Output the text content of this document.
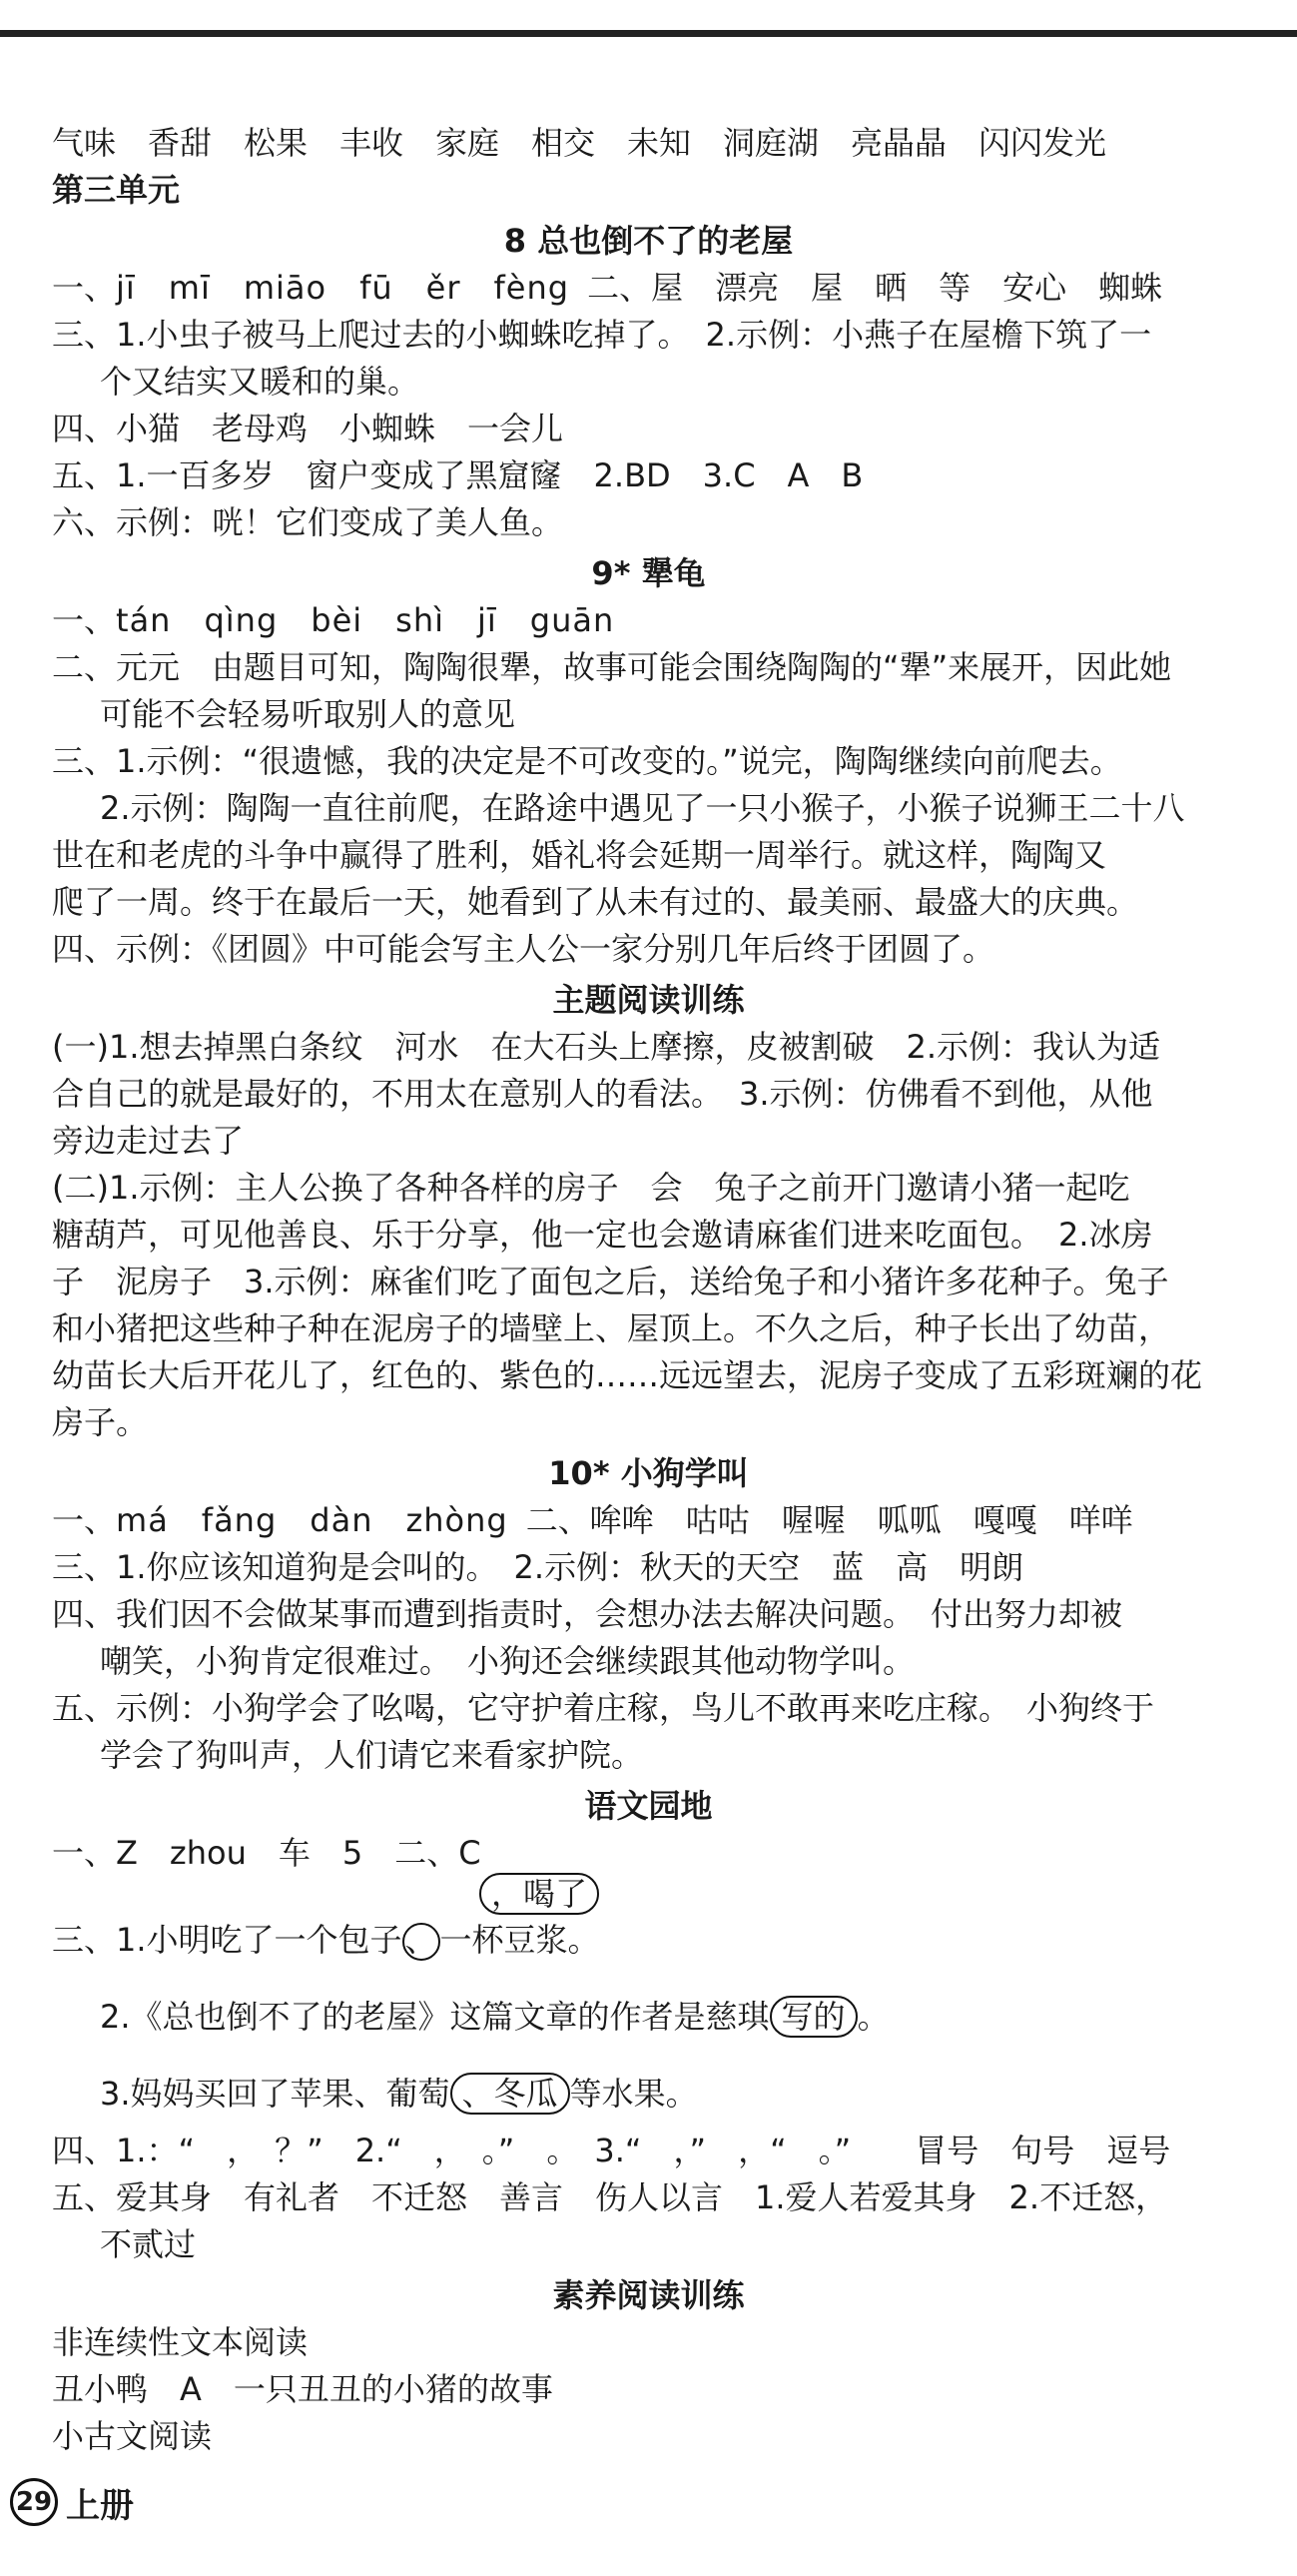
气味　香甜　松果　丰收　家庭　相交　未知　洞庭湖　亮晶晶　闪闪发光
第三单元
8 总也倒不了的老屋
一、jī　mī　miāo　fū　ěr　fèng 二、屋　漂亮　屋　晒　等　安心　蜘蛛
三、1.小虫子被马上爬过去的小蜘蛛吃掉了。　2.示例：小燕子在屋檐下筑了一
个又结实又暖和的巢。
四、小猫　老母鸡　小蜘蛛　一会儿
五、1.一百多岁　窗户变成了黑窟窿　2.BD　3.C　A　B
六、示例：咣！它们变成了美人鱼。
9* 犟龟
一、tán　qìng　bèi　shì　jī　guān
二、元元　由题目可知，陶陶很犟，故事可能会围绕陶陶的“犟”来展开，因此她
可能不会轻易听取别人的意见
三、1.示例：“很遗憾，我的决定是不可改变的。”说完，陶陶继续向前爬去。
2.示例：陶陶一直往前爬，在路途中遇见了一只小猴子，小猴子说狮王二十八
世在和老虎的斗争中赢得了胜利，婚礼将会延期一周举行。就这样，陶陶又
爬了一周。终于在最后一天，她看到了从未有过的、最美丽、最盛大的庆典。
四、示例：《团圆》中可能会写主人公一家分别几年后终于团圆了。
主题阅读训练
(一)1.想去掉黑白条纹　河水　在大石头上摩擦，皮被割破　2.示例：我认为适
合自己的就是最好的，不用太在意别人的看法。　3.示例：仿佛看不到他，从他
旁边走过去了
(二)1.示例：主人公换了各种各样的房子　会　兔子之前开门邀请小猪一起吃
糖葫芦，可见他善良、乐于分享，他一定也会邀请麻雀们进来吃面包。　2.冰房
子　泥房子　3.示例：麻雀们吃了面包之后，送给兔子和小猪许多花种子。兔子
和小猪把这些种子种在泥房子的墙壁上、屋顶上。不久之后，种子长出了幼苗，
幼苗长大后开花儿了，红色的、紫色的……远远望去，泥房子变成了五彩斑斓的花
房子。
10* 小狗学叫
一、má　fǎng　dàn　zhòng 二、哞哞　咕咕　喔喔　呱呱　嘎嘎　咩咩
三、1.你应该知道狗是会叫的。　2.示例：秋天的天空　蓝　高　明朗
四、我们因不会做某事而遭到指责时，会想办法去解决问题。　付出努力却被
嘲笑，小狗肯定很难过。　小狗还会继续跟其他动物学叫。
五、示例：小狗学会了吆喝，它守护着庄稼，鸟儿不敢再来吃庄稼。　小狗终于
学会了狗叫声，人们请它来看家护院。
语文园地
一、Z　zhou　车　5　二、C
三、1.小明吃了一个包子、一杯豆浆。
，喝了
2.《总也倒不了的老屋》这篇文章的作者是慈琪 写的 。
3.妈妈买回了苹果、葡萄 、冬瓜 等水果。
四、1.：“　，　？”　2.“　，　。”　。　3.“　，”　，“　。”　　冒号　句号　逗号
五、爱其身　有礼者　不迁怒　善言　伤人以言　1.爱人若爱其身　2.不迁怒，
不贰过
素养阅读训练
非连续性文本阅读
丑小鸭　A　一只丑丑的小猪的故事
小古文阅读
29 上册
